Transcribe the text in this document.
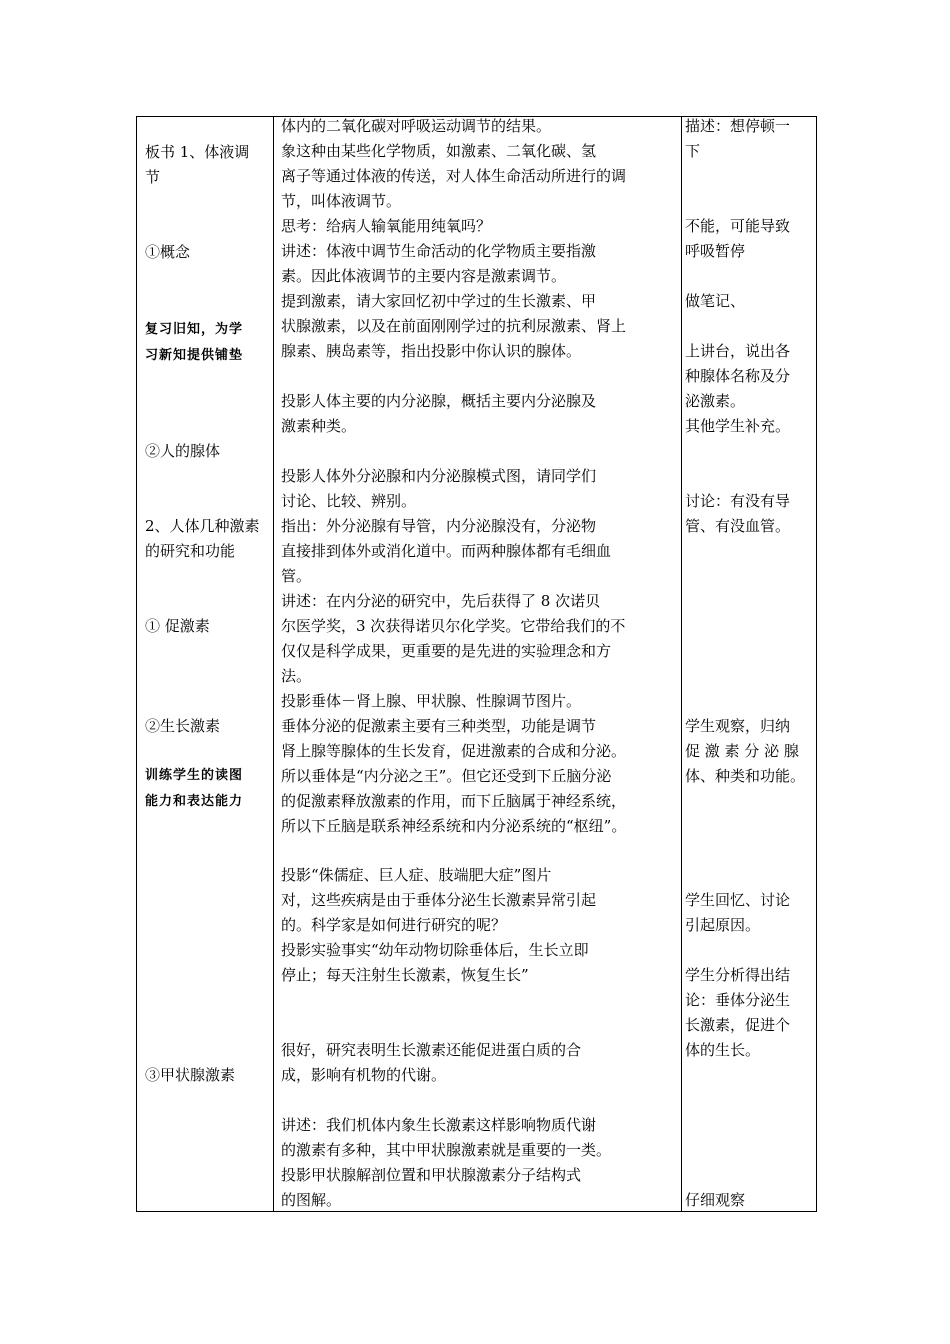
板书 1、体液调
节
①概念
复习旧知，为学
习新知提供铺垫
②人的腺体
2、人体几种激素
的研究和功能
① 促激素
②生长激素
训练学生的读图
能力和表达能力
③甲状腺激素
体内的二氧化碳对呼吸运动调节的结果。
象这种由某些化学物质，如激素、二氧化碳、氢
离子等通过体液的传送，对人体生命活动所进行的调
节，叫体液调节。
思考：给病人输氧能用纯氧吗？
讲述：体液中调节生命活动的化学物质主要指激
素。因此体液调节的主要内容是激素调节。
提到激素，请大家回忆初中学过的生长激素、甲
状腺激素，以及在前面刚刚学过的抗利尿激素、肾上
腺素、胰岛素等，指出投影中你认识的腺体。
投影人体主要的内分泌腺，概括主要内分泌腺及
激素种类。
投影人体外分泌腺和内分泌腺模式图，请同学们
讨论、比较、辨别。
指出：外分泌腺有导管，内分泌腺没有，分泌物
直接排到体外或消化道中。而两种腺体都有毛细血
管。
讲述：在内分泌的研究中，先后获得了 8 次诺贝
尔医学奖，3 次获得诺贝尔化学奖。它带给我们的不
仅仅是科学成果，更重要的是先进的实验理念和方
法。
投影垂体－肾上腺、甲状腺、性腺调节图片。
垂体分泌的促激素主要有三种类型，功能是调节
肾上腺等腺体的生长发育，促进激素的合成和分泌。
所以垂体是“内分泌之王”。但它还受到下丘脑分泌
的促激素释放激素的作用，而下丘脑属于神经系统，
所以下丘脑是联系神经系统和内分泌系统的“枢纽”。
投影“侏儒症、巨人症、肢端肥大症”图片
对，这些疾病是由于垂体分泌生长激素异常引起
的。科学家是如何进行研究的呢？
投影实验事实“幼年动物切除垂体后，生长立即
停止；每天注射生长激素，恢复生长”
很好，研究表明生长激素还能促进蛋白质的合
成，影响有机物的代谢。
讲述：我们机体内象生长激素这样影响物质代谢
的激素有多种，其中甲状腺激素就是重要的一类。
投影甲状腺解剖位置和甲状腺激素分子结构式
的图解。
描述：想停顿一
下
不能，可能导致
呼吸暂停
做笔记、
上讲台，说出各
种腺体名称及分
泌激素。
其他学生补充。
讨论：有没有导
管、有没血管。
学生观察，归纳
促 激 素 分 泌 腺
体、种类和功能。
学生回忆、讨论
引起原因。
学生分析得出结
论：垂体分泌生
长激素，促进个
体的生长。
仔细观察
